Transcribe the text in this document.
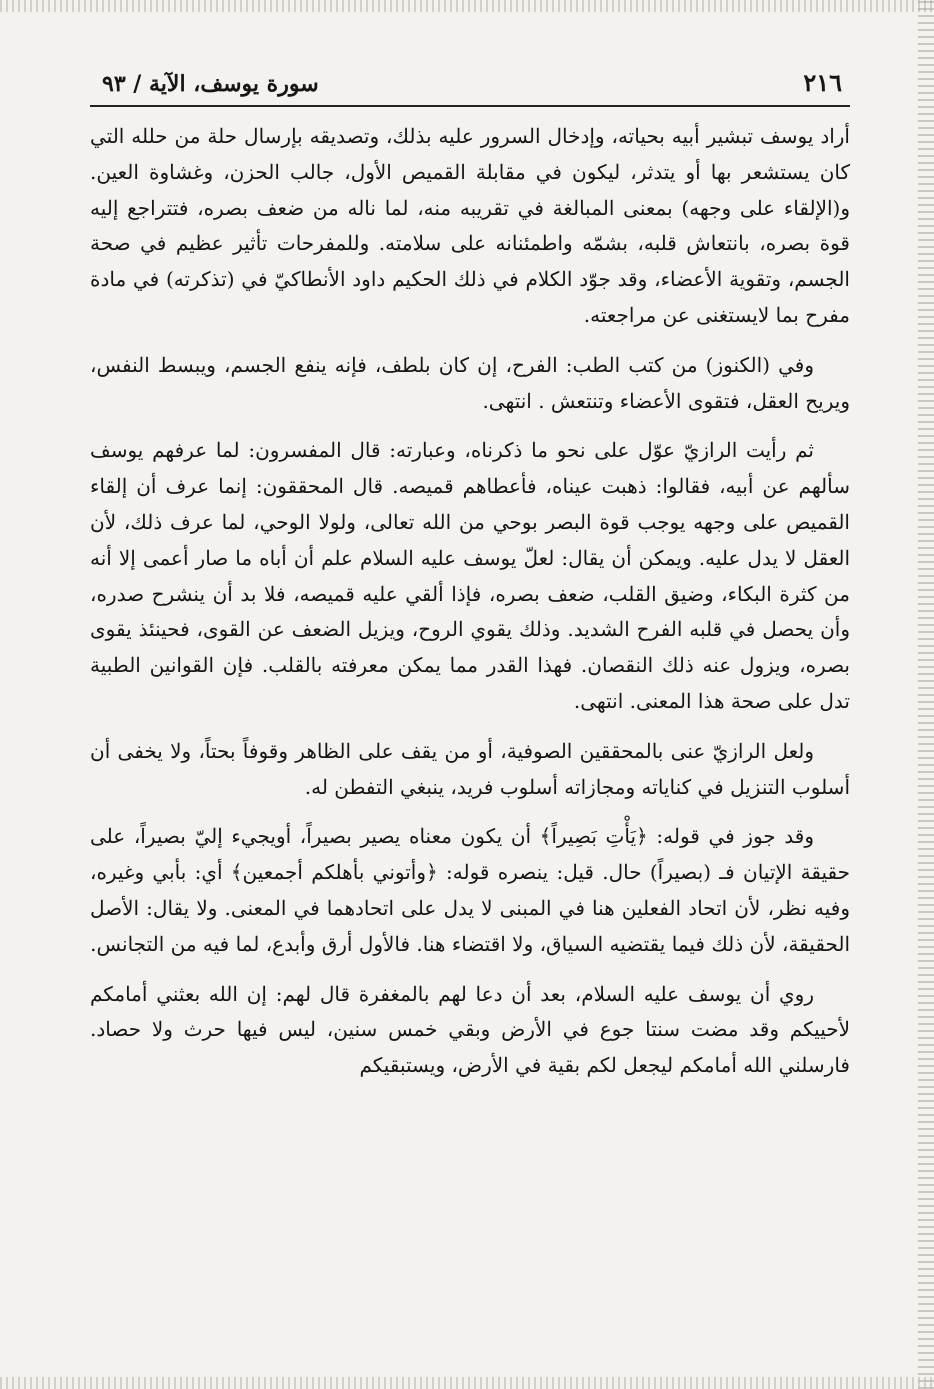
٢١٦
سورة يوسف، الآية / ٩٣

أراد يوسف تبشير أبيه بحياته، وإدخال السرور عليه بذلك، وتصديقه بإرسال حلة من حلله التي كان يستشعر بها أو يتدثر، ليكون في مقابلة القميص الأول، جالب الحزن، وغشاوة العين. و(الإلقاء على وجهه) بمعنى المبالغة في تقريبه منه، لما ناله من ضعف بصره، فتتراجع إليه قوة بصره، بانتعاش قلبه، بشمّه واطمئنانه على سلامته. وللمفرحات تأثير عظيم في صحة الجسم، وتقوية الأعضاء، وقد جوّد الكلام في ذلك الحكيم داود الأنطاكيّ في (تذكرته) في مادة مفرح بما لايستغنى عن مراجعته.

وفي (الكنوز) من كتب الطب: الفرح، إن كان بلطف، فإنه ينفع الجسم، ويبسط النفس، ويريح العقل، فتقوى الأعضاء وتنتعش . انتهى.

ثم رأيت الرازيّ عوّل على نحو ما ذكرناه، وعبارته: قال المفسرون: لما عرفهم يوسف سألهم عن أبيه، فقالوا: ذهبت عيناه، فأعطاهم قميصه. قال المحققون: إنما عرف أن إلقاء القميص على وجهه يوجب قوة البصر بوحي من الله تعالى، ولولا الوحي، لما عرف ذلك، لأن العقل لا يدل عليه. ويمكن أن يقال: لعلّ يوسف عليه السلام علم أن أباه ما صار أعمى إلا أنه من كثرة البكاء، وضيق القلب، ضعف بصره، فإذا ألقي عليه قميصه، فلا بد أن ينشرح صدره، وأن يحصل في قلبه الفرح الشديد. وذلك يقوي الروح، ويزيل الضعف عن القوى، فحينئذ يقوى بصره، ويزول عنه ذلك النقصان. فهذا القدر مما يمكن معرفته بالقلب. فإن القوانين الطبية تدل على صحة هذا المعنى. انتهى.

ولعل الرازيّ عنى بالمحققين الصوفية، أو من يقف على الظاهر وقوفاً بحتاً، ولا يخفى أن أسلوب التنزيل في كناياته ومجازاته أسلوب فريد، ينبغي التفطن له.

وقد جوز في قوله: ﴿يَأْتِ بَصِيراً﴾ أن يكون معناه يصير بصيراً، أويجيء إليّ بصيراً، على حقيقة الإتيان فـ (بصيراً) حال. قيل: ينصره قوله: ﴿وأتوني بأهلكم أجمعين﴾ أي: بأبي وغيره، وفيه نظر، لأن اتحاد الفعلين هنا في المبنى لا يدل على اتحادهما في المعنى. ولا يقال: الأصل الحقيقة، لأن ذلك فيما يقتضيه السياق، ولا اقتضاء هنا. فالأول أرق وأبدع، لما فيه من التجانس.

روي أن يوسف عليه السلام، بعد أن دعا لهم بالمغفرة قال لهم: إن الله بعثني أمامكم لأحييكم وقد مضت سنتا جوع في الأرض وبقي خمس سنين، ليس فيها حرث ولا حصاد. فارسلني الله أمامكم ليجعل لكم بقية في الأرض، ويستبقيكم
